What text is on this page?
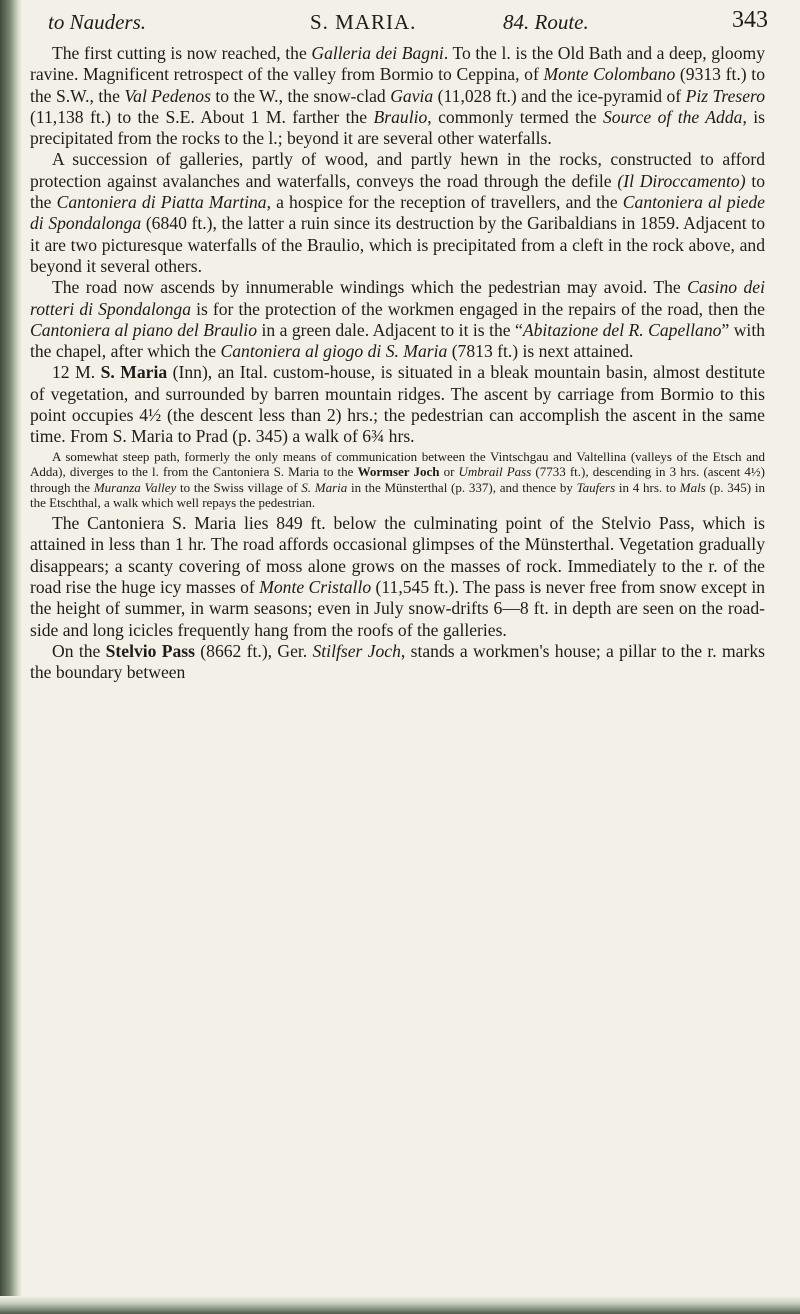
to Nauders.	S. MARIA.	84. Route.	343

The first cutting is now reached, the Galleria dei Bagni. To the l. is the Old Bath and a deep, gloomy ravine. Magnificent retrospect of the valley from Bormio to Ceppina, of Monte Colombano (9313 ft.) to the S.W., the Val Pedenos to the W., the snow-clad Gavia (11,028 ft.) and the ice-pyramid of Piz Tresero (11,138 ft.) to the S.E. About 1 M. farther the Braulio, commonly termed the Source of the Adda, is precipitated from the rocks to the l.; beyond it are several other waterfalls.

A succession of galleries, partly of wood, and partly hewn in the rocks, constructed to afford protection against avalanches and waterfalls, conveys the road through the defile (Il Diroccamento) to the Cantoniera di Piatta Martina, a hospice for the reception of travellers, and the Cantoniera al piede di Spondalonga (6840 ft.), the latter a ruin since its destruction by the Garibaldians in 1859. Adjacent to it are two picturesque waterfalls of the Braulio, which is precipitated from a cleft in the rock above, and beyond it several others.

The road now ascends by innumerable windings which the pedestrian may avoid. The Casino dei rotteri di Spondalonga is for the protection of the workmen engaged in the repairs of the road, then the Cantoniera al piano del Braulio in a green dale. Adjacent to it is the “Abitazione del R. Capellano” with the chapel, after which the Cantoniera al giogo di S. Maria (7813 ft.) is next attained.

12 M. S. Maria (Inn), an Ital. custom-house, is situated in a bleak mountain basin, almost destitute of vegetation, and surrounded by barren mountain ridges. The ascent by carriage from Bormio to this point occupies 4½ (the descent less than 2) hrs.; the pedestrian can accomplish the ascent in the same time. From S. Maria to Prad (p. 345) a walk of 6¾ hrs.

A somewhat steep path, formerly the only means of communication between the Vintschgau and Valtellina (valleys of the Etsch and Adda), diverges to the l. from the Cantoniera S. Maria to the Wormser Joch or Umbrail Pass (7733 ft.), descending in 3 hrs. (ascent 4½) through the Muranza Valley to the Swiss village of S. Maria in the Münsterthal (p. 337), and thence by Taufers in 4 hrs. to Mals (p. 345) in the Etschthal, a walk which well repays the pedestrian.

The Cantoniera S. Maria lies 849 ft. below the culminating point of the Stelvio Pass, which is attained in less than 1 hr. The road affords occasional glimpses of the Münsterthal. Vegetation gradually disappears; a scanty covering of moss alone grows on the masses of rock. Immediately to the r. of the road rise the huge icy masses of Monte Cristallo (11,545 ft.). The pass is never free from snow except in the height of summer, in warm seasons; even in July snow-drifts 6—8 ft. in depth are seen on the road-side and long icicles frequently hang from the roofs of the galleries.

On the Stelvio Pass (8662 ft.), Ger. Stilfser Joch, stands a workmen's house; a pillar to the r. marks the boundary between
